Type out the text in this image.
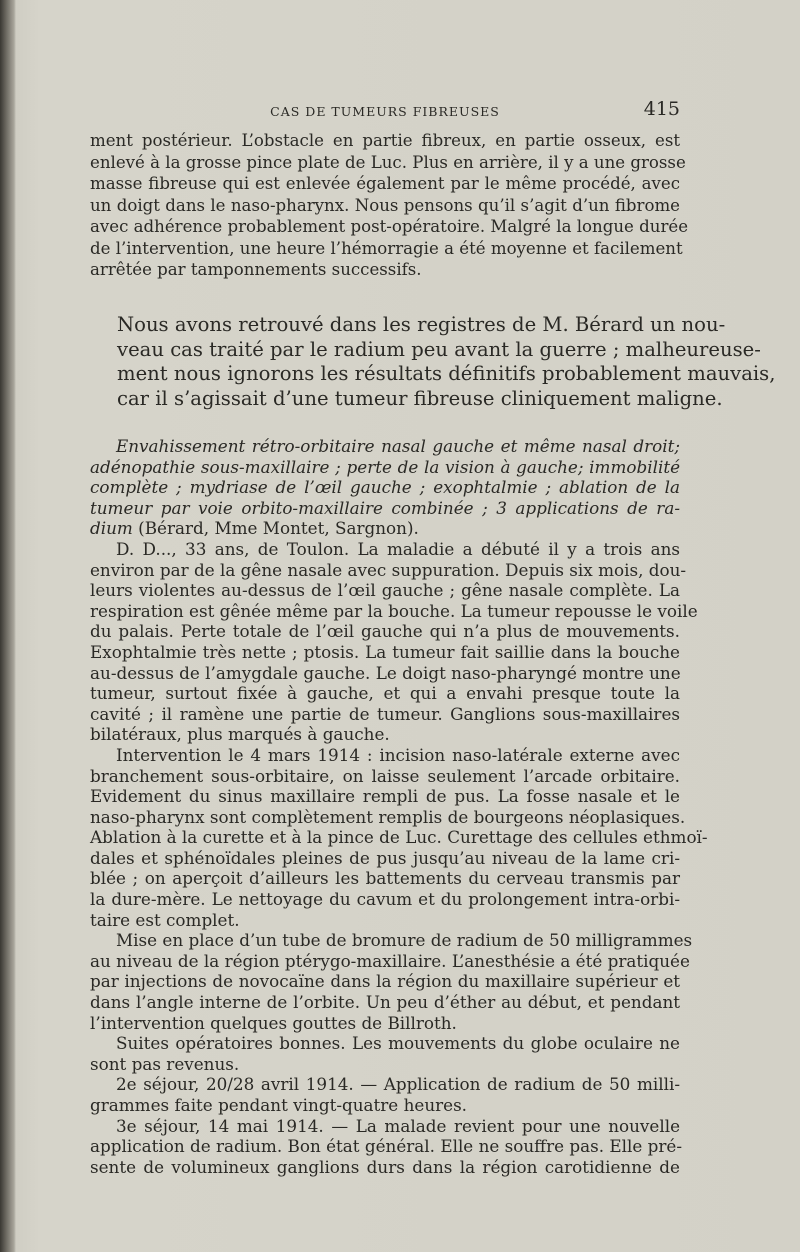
CAS DE TUMEURS FIBREUSES	415
ment postérieur. L’obstacle en partie fibreux, en partie osseux, est
enlevé à la grosse pince plate de Luc. Plus en arrière, il y a une grosse
masse fibreuse qui est enlevée également par le même procédé, avec
un doigt dans le naso-pharynx. Nous pensons qu’il s’agit d’un fibrome
avec adhérence probablement post-opératoire. Malgré la longue durée
de l’intervention, une heure l’hémorragie a été moyenne et facilement
arrêtée par tamponnements successifs.
Nous avons retrouvé dans les registres de M. Bérard un nou-
veau cas traité par le radium peu avant la guerre ; malheureuse-
ment nous ignorons les résultats définitifs probablement mauvais,
car il s’agissait d’une tumeur fibreuse cliniquement maligne.
Envahissement rétro-orbitaire nasal gauche et même nasal droit;
adénopathie sous-maxillaire ; perte de la vision à gauche; immobilité
complète ; mydriase de l’œil gauche ; exophtalmie ; ablation de la
tumeur par voie orbito-maxillaire combinée ; 3 applications de ra-
dium (Bérard, Mme Montet, Sargnon).
D. D..., 33 ans, de Toulon. La maladie a débuté il y a trois ans
environ par de la gêne nasale avec suppuration. Depuis six mois, dou-
leurs violentes au-dessus de l’œil gauche ; gêne nasale complète. La
respiration est gênée même par la bouche. La tumeur repousse le voile
du palais. Perte totale de l’œil gauche qui n’a plus de mouvements.
Exophtalmie très nette ; ptosis. La tumeur fait saillie dans la bouche
au-dessus de l’amygdale gauche. Le doigt naso-pharyngé montre une
tumeur, surtout fixée à gauche, et qui a envahi presque toute la
cavité ; il ramène une partie de tumeur. Ganglions sous-maxillaires
bilatéraux, plus marqués à gauche.
Intervention le 4 mars 1914 : incision naso-latérale externe avec
branchement sous-orbitaire, on laisse seulement l’arcade orbitaire.
Evidement du sinus maxillaire rempli de pus. La fosse nasale et le
naso-pharynx sont complètement remplis de bourgeons néoplasiques.
Ablation à la curette et à la pince de Luc. Curettage des cellules ethmoï-
dales et sphénoïdales pleines de pus jusqu’au niveau de la lame cri-
blée ; on aperçoit d’ailleurs les battements du cerveau transmis par
la dure-mère. Le nettoyage du cavum et du prolongement intra-orbi-
taire est complet.
Mise en place d’un tube de bromure de radium de 50 milligrammes
au niveau de la région ptérygo-maxillaire. L’anesthésie a été pratiquée
par injections de novocaïne dans la région du maxillaire supérieur et
dans l’angle interne de l’orbite. Un peu d’éther au début, et pendant
l’intervention quelques gouttes de Billroth.
Suites opératoires bonnes. Les mouvements du globe oculaire ne
sont pas revenus.
2e séjour, 20/28 avril 1914. — Application de radium de 50 milli-
grammes faite pendant vingt-quatre heures.
3e séjour, 14 mai 1914. — La malade revient pour une nouvelle
application de radium. Bon état général. Elle ne souffre pas. Elle pré-
sente de volumineux ganglions durs dans la région carotidienne de
